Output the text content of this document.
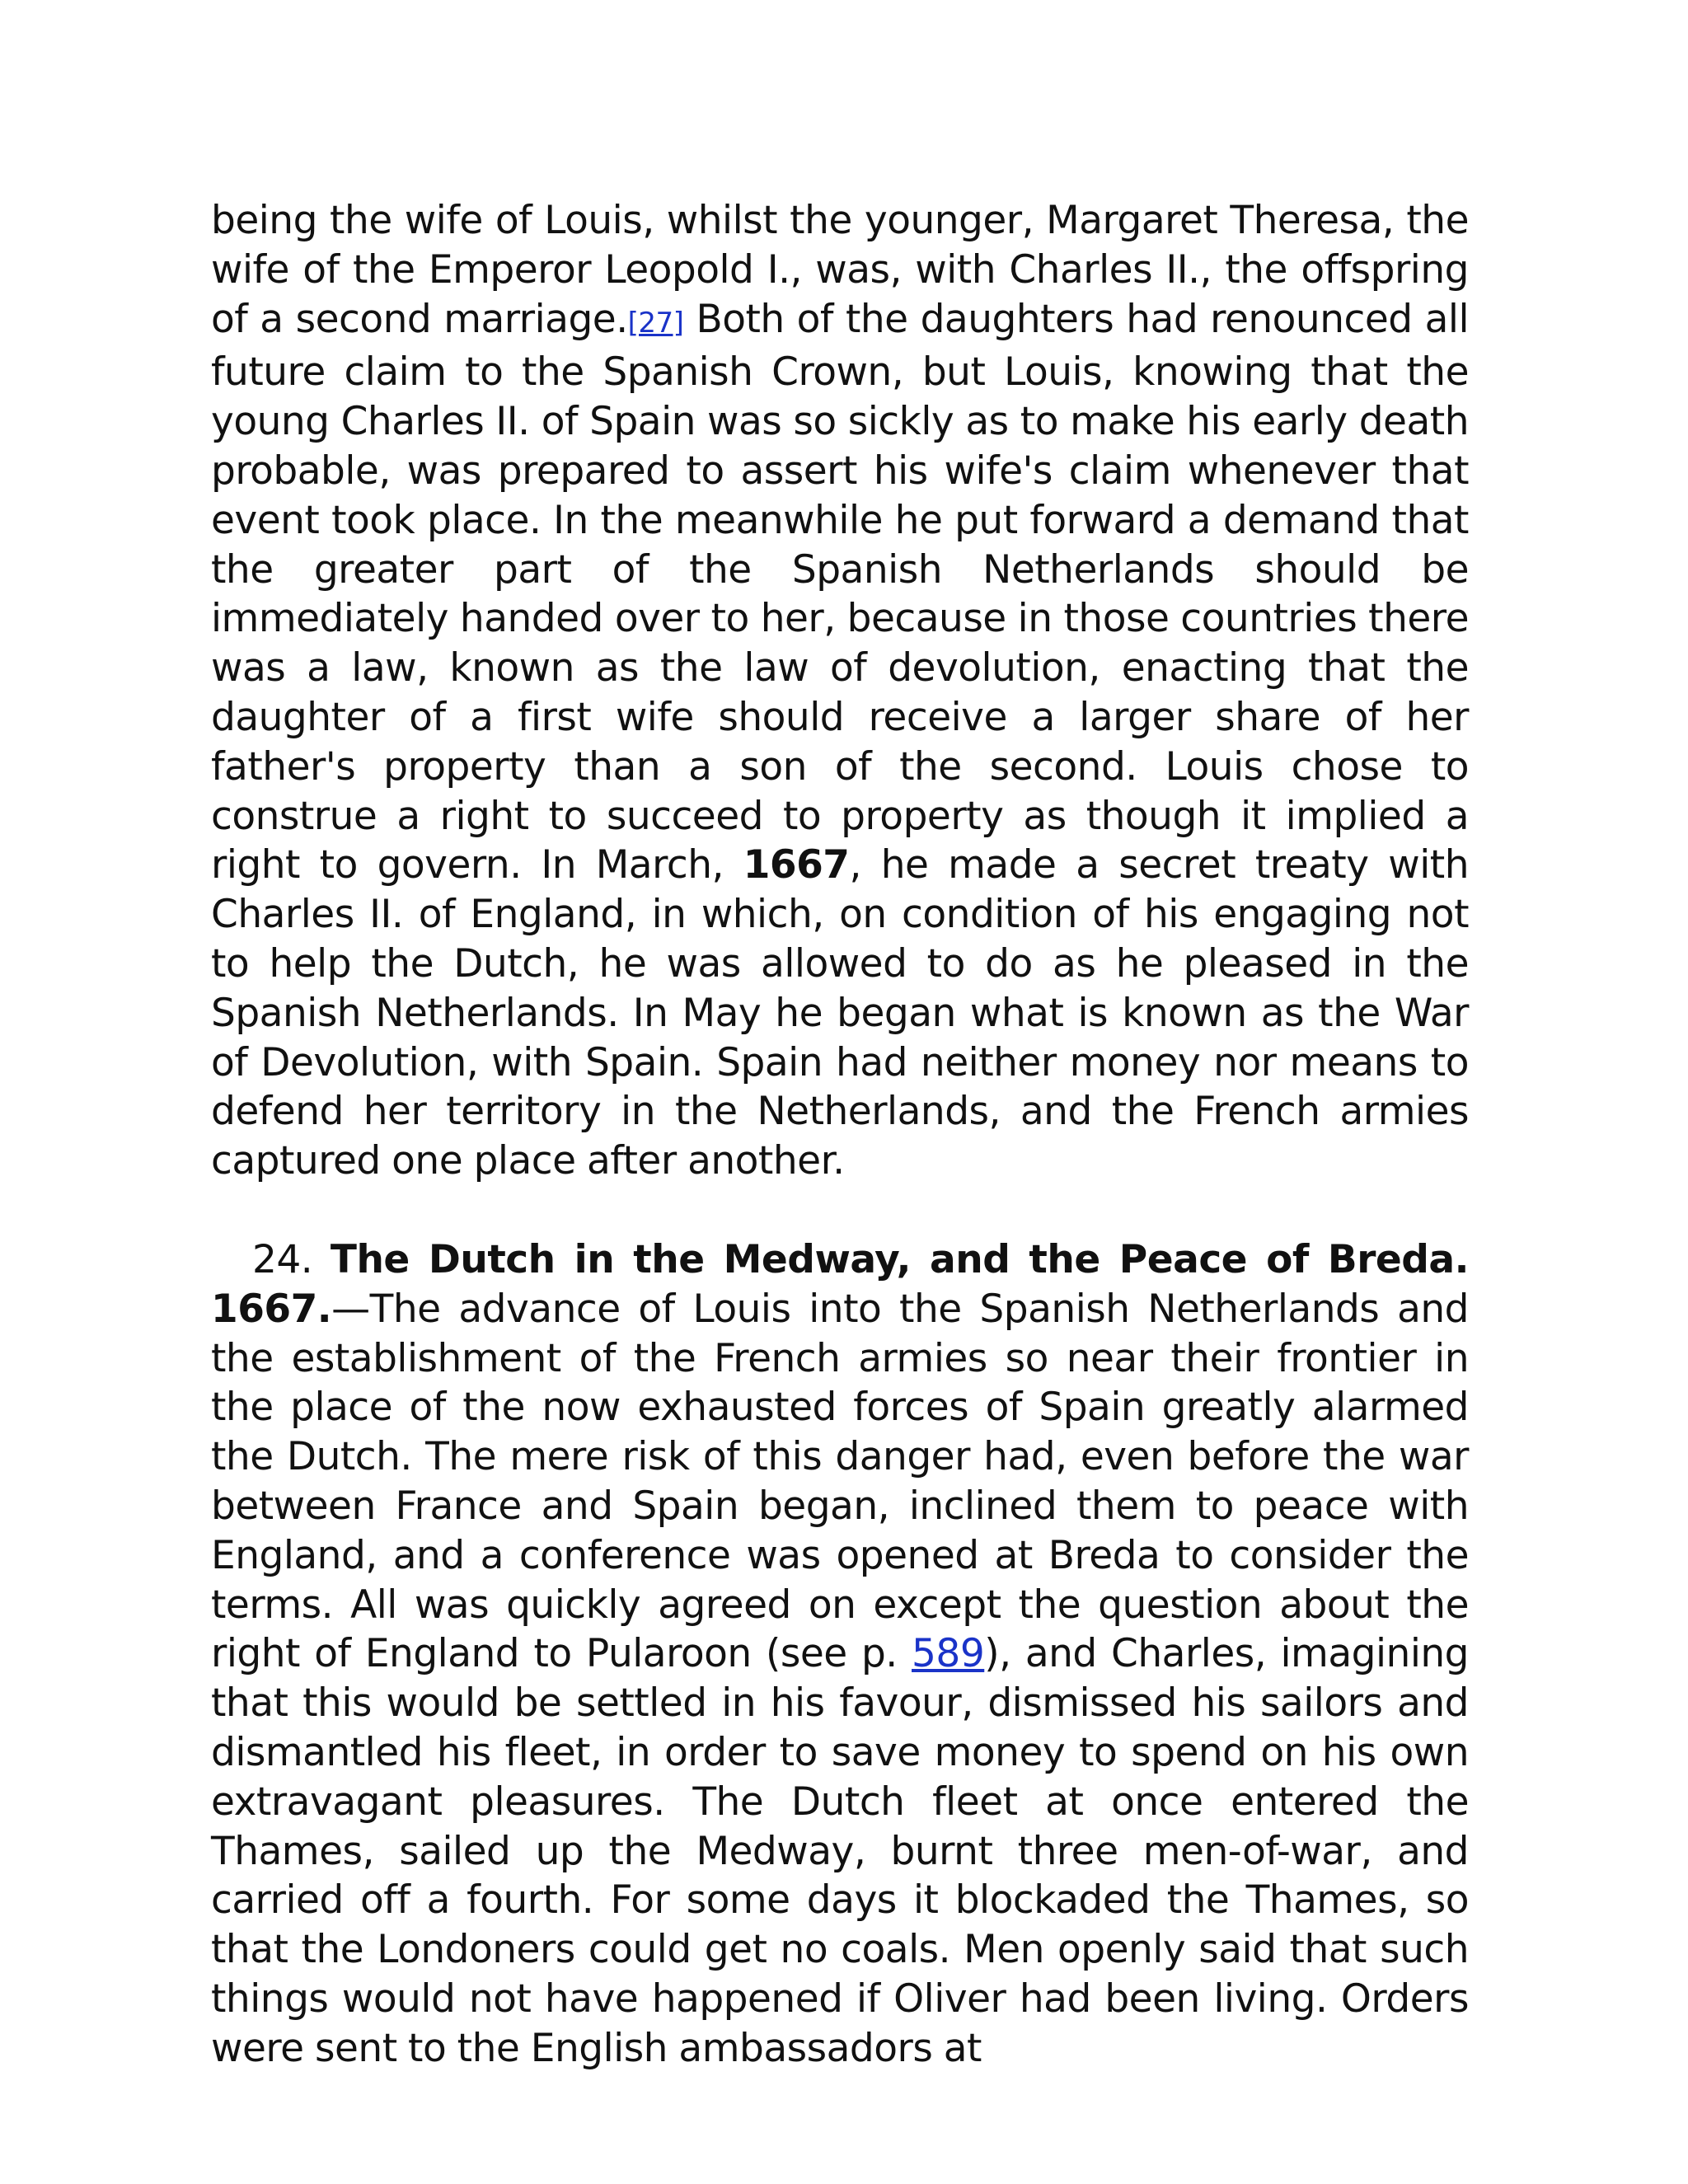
being the wife of Louis, whilst the younger, Margaret Theresa, the wife of the Emperor Leopold I., was, with Charles II., the offspring of a second marriage.[27] Both of the daughters had renounced all future claim to the Spanish Crown, but Louis, knowing that the young Charles II. of Spain was so sickly as to make his early death probable, was prepared to assert his wife's claim whenever that event took place. In the meanwhile he put forward a demand that the greater part of the Spanish Netherlands should be immediately handed over to her, because in those countries there was a law, known as the law of devolution, enacting that the daughter of a first wife should receive a larger share of her father's property than a son of the second. Louis chose to construe a right to succeed to property as though it implied a right to govern. In March, 1667, he made a secret treaty with Charles II. of England, in which, on condition of his engaging not to help the Dutch, he was allowed to do as he pleased in the Spanish Netherlands. In May he began what is known as the War of Devolution, with Spain. Spain had neither money nor means to defend her territory in the Netherlands, and the French armies captured one place after another.

24. The Dutch in the Medway, and the Peace of Breda. 1667.—The advance of Louis into the Spanish Netherlands and the establishment of the French armies so near their frontier in the place of the now exhausted forces of Spain greatly alarmed the Dutch. The mere risk of this danger had, even before the war between France and Spain began, inclined them to peace with England, and a conference was opened at Breda to consider the terms. All was quickly agreed on except the question about the right of England to Pularoon (see p. 589), and Charles, imagining that this would be settled in his favour, dismissed his sailors and dismantled his fleet, in order to save money to spend on his own extravagant pleasures. The Dutch fleet at once entered the Thames, sailed up the Medway, burnt three men-of-war, and carried off a fourth. For some days it blockaded the Thames, so that the Londoners could get no coals. Men openly said that such things would not have happened if Oliver had been living. Orders were sent to the English ambassadors at
